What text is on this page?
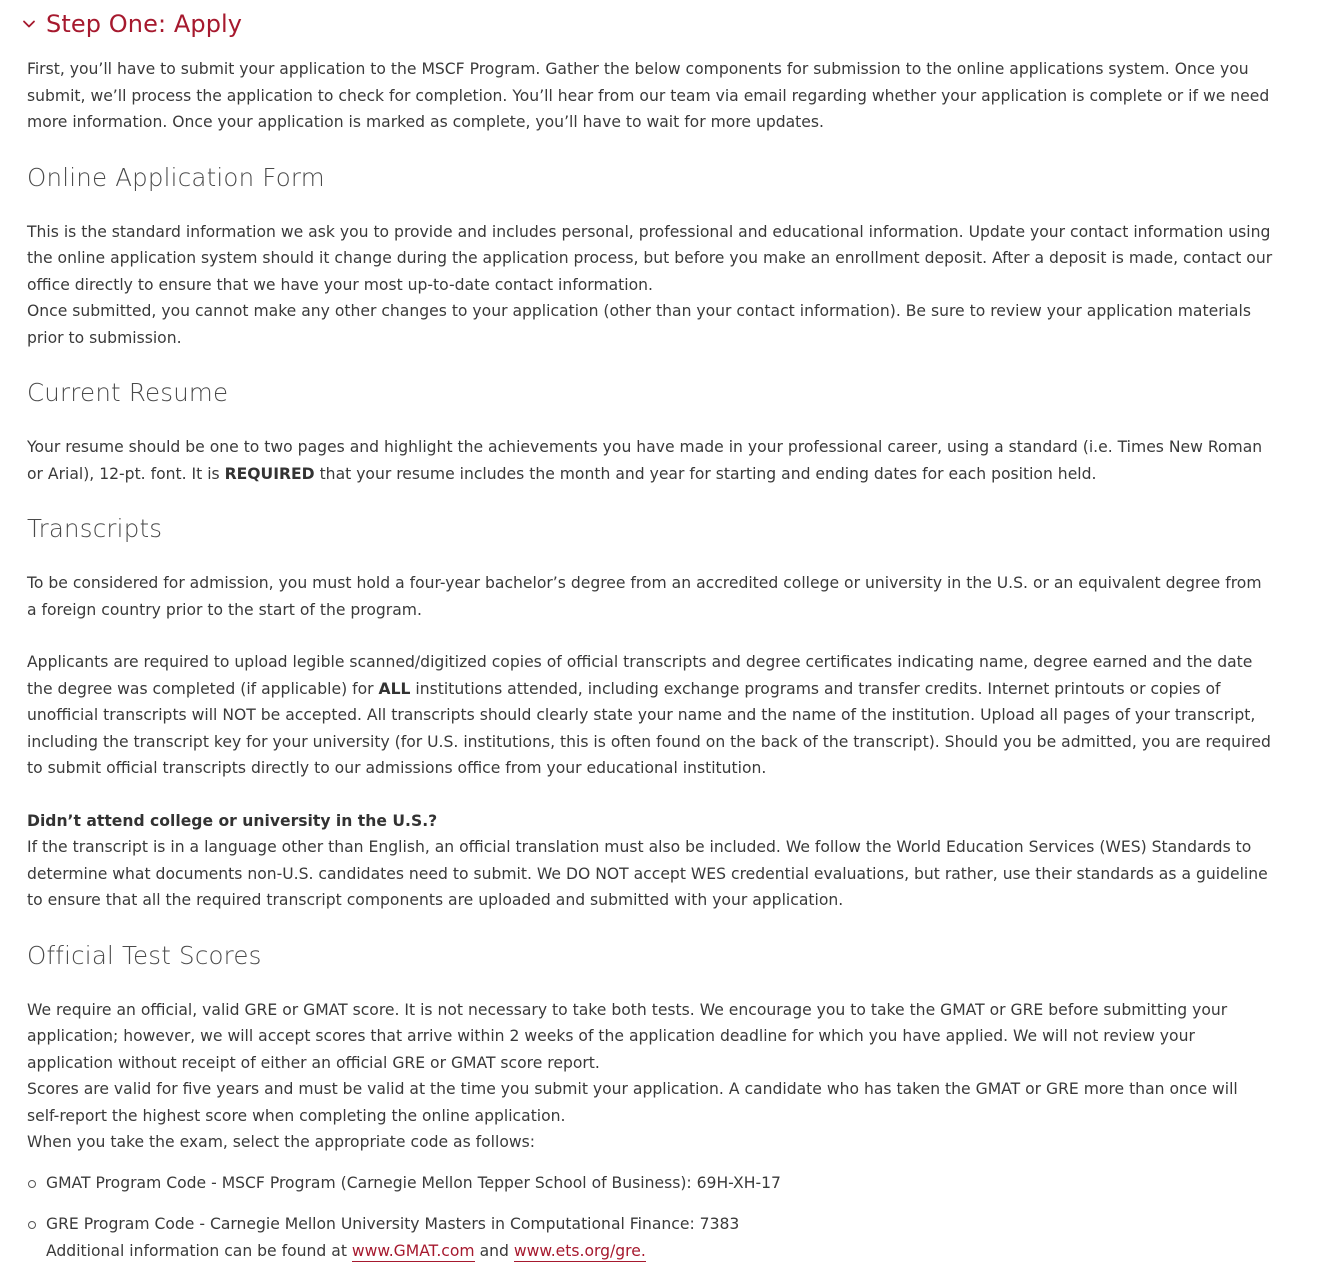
Step One: Apply

First, you’ll have to submit your application to the MSCF Program. Gather the below components for submission to the online applications system. Once you submit, we’ll process the application to check for completion. You’ll hear from our team via email regarding whether your application is complete or if we need more information. Once your application is marked as complete, you’ll have to wait for more updates.

Online Application Form

This is the standard information we ask you to provide and includes personal, professional and educational information. Update your contact information using the online application system should it change during the application process, but before you make an enrollment deposit. After a deposit is made, contact our office directly to ensure that we have your most up-to-date contact information.

Once submitted, you cannot make any other changes to your application (other than your contact information). Be sure to review your application materials prior to submission.

Current Resume

Your resume should be one to two pages and highlight the achievements you have made in your professional career, using a standard (i.e. Times New Roman or Arial), 12-pt. font. It is REQUIRED that your resume includes the month and year for starting and ending dates for each position held.

Transcripts

To be considered for admission, you must hold a four-year bachelor’s degree from an accredited college or university in the U.S. or an equivalent degree from a foreign country prior to the start of the program.

Applicants are required to upload legible scanned/digitized copies of official transcripts and degree certificates indicating name, degree earned and the date the degree was completed (if applicable) for ALL institutions attended, including exchange programs and transfer credits. Internet printouts or copies of unofficial transcripts will NOT be accepted. All transcripts should clearly state your name and the name of the institution. Upload all pages of your transcript, including the transcript key for your university (for U.S. institutions, this is often found on the back of the transcript). Should you be admitted, you are required to submit official transcripts directly to our admissions office from your educational institution.

Didn’t attend college or university in the U.S.?

If the transcript is in a language other than English, an official translation must also be included. We follow the World Education Services (WES) Standards to determine what documents non-U.S. candidates need to submit. We DO NOT accept WES credential evaluations, but rather, use their standards as a guideline to ensure that all the required transcript components are uploaded and submitted with your application.

Official Test Scores

We require an official, valid GRE or GMAT score. It is not necessary to take both tests. We encourage you to take the GMAT or GRE before submitting your application; however, we will accept scores that arrive within 2 weeks of the application deadline for which you have applied. We will not review your application without receipt of either an official GRE or GMAT score report.

Scores are valid for five years and must be valid at the time you submit your application. A candidate who has taken the GMAT or GRE more than once will self-report the highest score when completing the online application.

When you take the exam, select the appropriate code as follows:

GMAT Program Code - MSCF Program (Carnegie Mellon Tepper School of Business): 69H-XH-17
GRE Program Code - Carnegie Mellon University Masters in Computational Finance: 7383
Additional information can be found at www.GMAT.com and www.ets.org/gre.
